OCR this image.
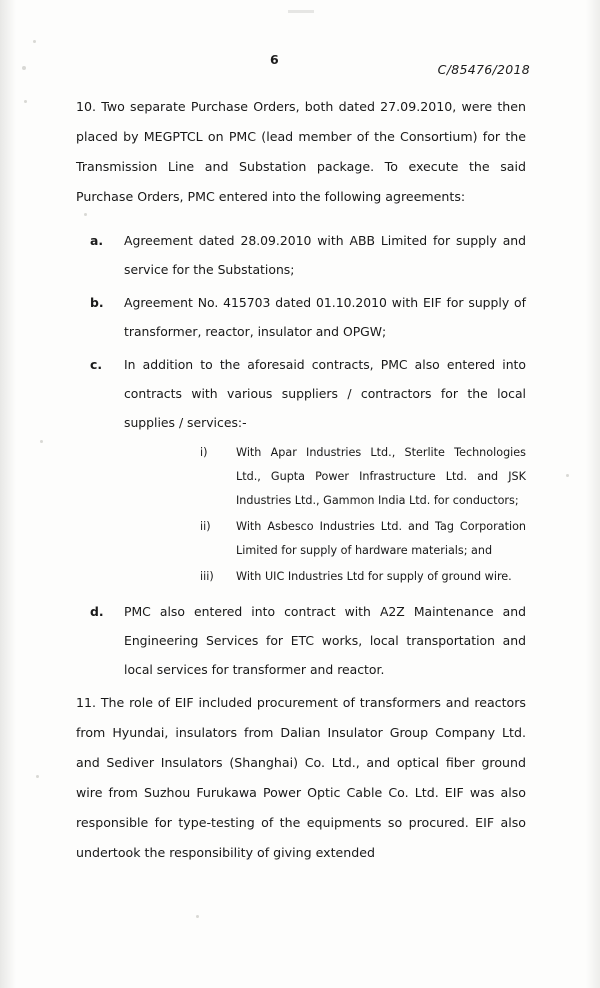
6
C/85476/2018

10. Two separate Purchase Orders, both dated 27.09.2010, were then placed by MEGPTCL on PMC (lead member of the Consortium) for the Transmission Line and Substation package. To execute the said Purchase Orders, PMC entered into the following agreements:

a. Agreement dated 28.09.2010 with ABB Limited for supply and service for the Substations;
b. Agreement No. 415703 dated 01.10.2010 with EIF for supply of transformer, reactor, insulator and OPGW;
c. In addition to the aforesaid contracts, PMC also entered into contracts with various suppliers / contractors for the local supplies / services:-
i)	With Apar Industries Ltd., Sterlite Technologies Ltd., Gupta Power Infrastructure Ltd. and JSK Industries Ltd., Gammon India Ltd. for conductors;
ii) With Asbesco Industries Ltd. and Tag Corporation Limited for supply of hardware materials; and
iii) With UIC Industries Ltd for supply of ground wire.
d. PMC also entered into contract with A2Z Maintenance and Engineering Services for ETC works, local transportation and local services for transformer and reactor.

11. The role of EIF included procurement of transformers and reactors from Hyundai, insulators from Dalian Insulator Group Company Ltd. and Sediver Insulators (Shanghai) Co. Ltd., and optical fiber ground wire from Suzhou Furukawa Power Optic Cable Co. Ltd. EIF was also responsible for type-testing of the equipments so procured. EIF also undertook the responsibility of giving extended
